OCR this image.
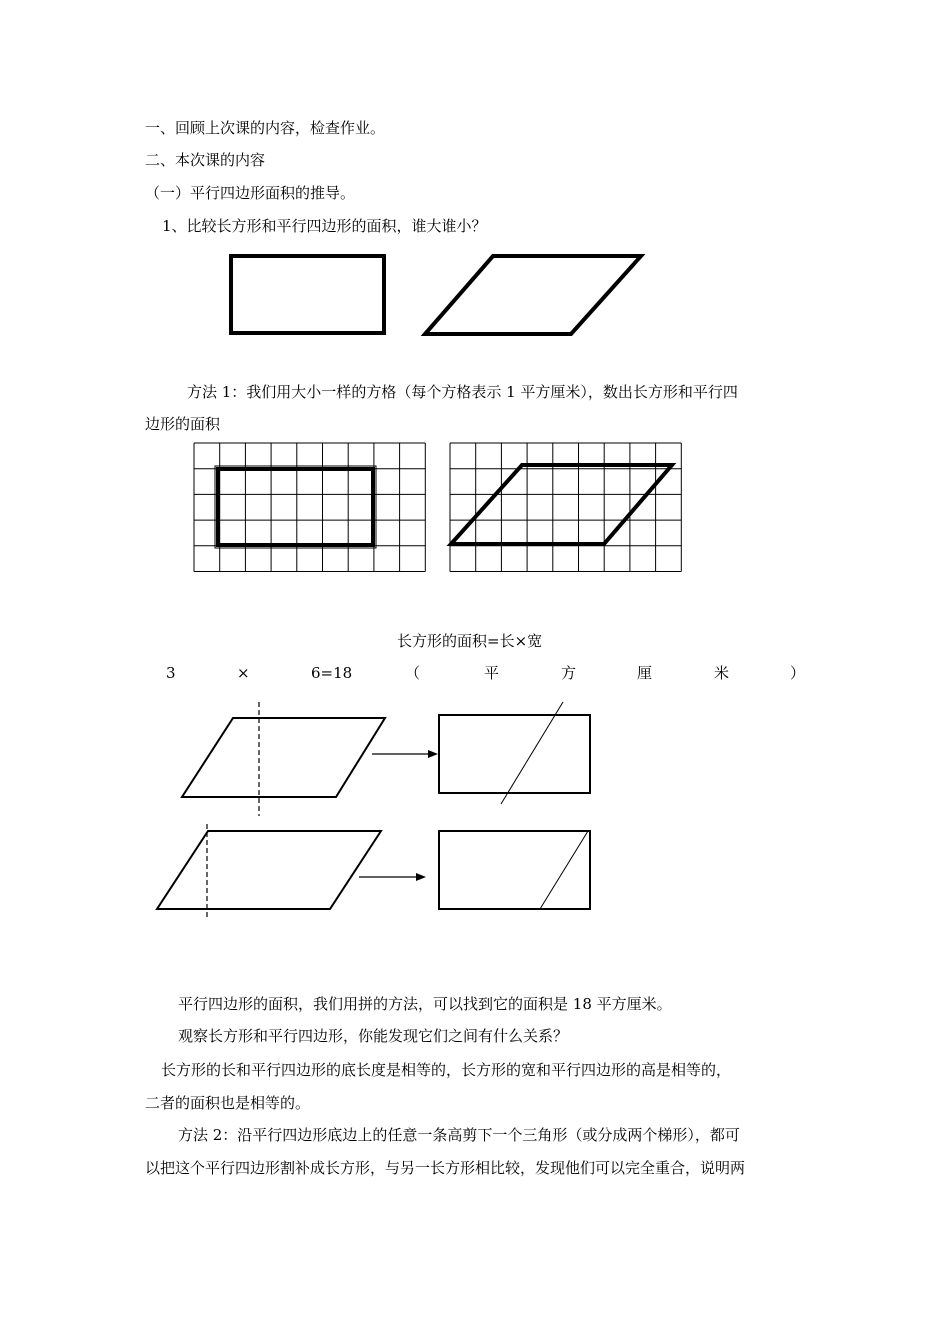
一、回顾上次课的内容，检查作业。
二、本次课的内容
（一）平行四边形面积的推导。
1、比较长方形和平行四边形的面积，谁大谁小？
方法 1：我们用大小一样的方格（每个方格表示 1 平方厘米），数出长方形和平行四
边形的面积
长方形的面积=长×宽
3	×	6=18	（	平	方	厘	米	）
平行四边形的面积，我们用拼的方法，可以找到它的面积是 18 平方厘米。
观察长方形和平行四边形，你能发现它们之间有什么关系？
长方形的长和平行四边形的底长度是相等的，长方形的宽和平行四边形的高是相等的，
二者的面积也是相等的。
方法 2：沿平行四边形底边上的任意一条高剪下一个三角形（或分成两个梯形），都可
以把这个平行四边形割补成长方形，与另一长方形相比较，发现他们可以完全重合，说明两
